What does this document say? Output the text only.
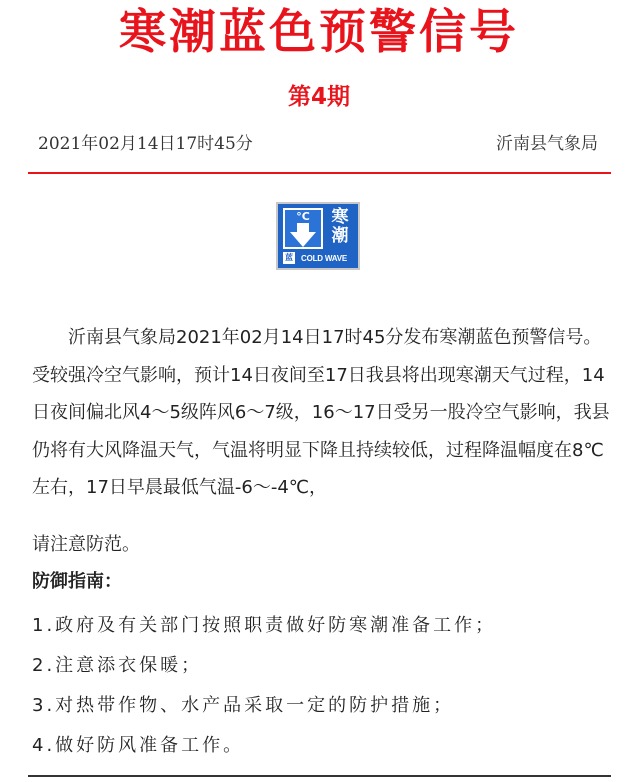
寒潮蓝色预警信号
第4期
2021年02月14日17时45分	沂南县气象局
°C	寒
潮
蓝 COLD WAVE

沂南县气象局2021年02月14日17时45分发布寒潮蓝色预警信号。受较强冷空气影响，预计14日夜间至17日我县将出现寒潮天气过程，14日夜间偏北风4～5级阵风6～7级，16～17日受另一股冷空气影响，我县仍将有大风降温天气，气温将明显下降且持续较低，过程降温幅度在8℃左右，17日早晨最低气温-6～-4℃，

请注意防范。
防御指南：
1.政府及有关部门按照职责做好防寒潮准备工作；
2.注意添衣保暖；
3.对热带作物、水产品采取一定的防护措施；
4.做好防风准备工作。
